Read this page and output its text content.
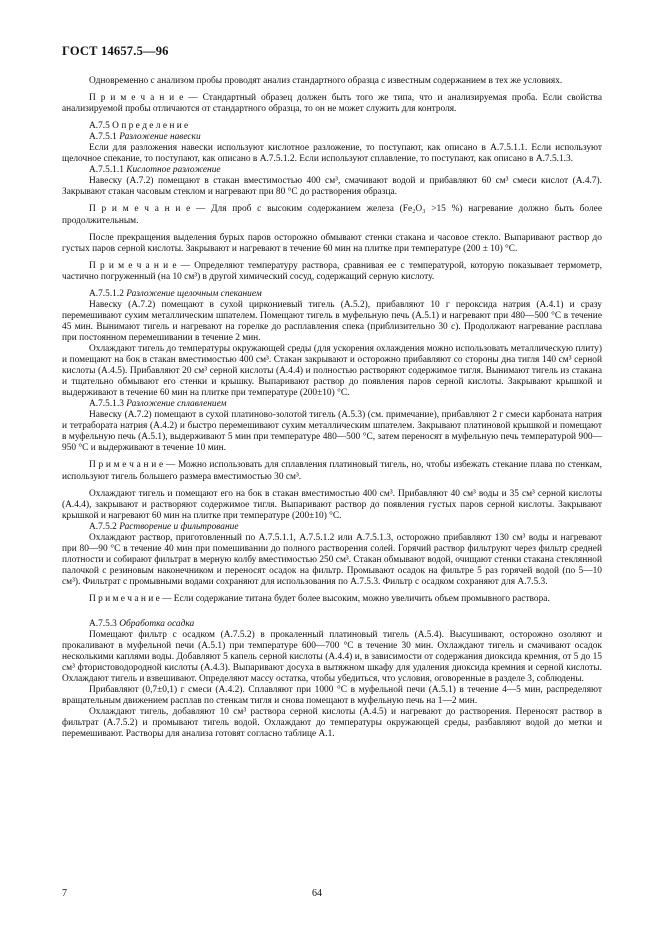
ГОСТ 14657.5—96

Одновременно с анализом пробы проводят анализ стандартного образца с известным содержанием в тех же условиях.

П р и м е ч а н и е — Стандартный образец должен быть того же типа, что и анализируемая проба. Если свойства анализируемой пробы отличаются от стандартного образца, то он не может служить для контроля.

А.7.5 О п р е д е л е н и е

А.7.5.1 Разложение навески

Если для разложения навески используют кислотное разложение, то поступают, как описано в А.7.5.1.1. Если используют щелочное спекание, то поступают, как описано в А.7.5.1.2. Если используют сплавление, то поступают, как описано в А.7.5.1.3.

А.7.5.1.1 Кислотное разложение

Навеску (А.7.2) помещают в стакан вместимостью 400 см³, смачивают водой и прибавляют 60 см³ смеси кислот (А.4.7). Закрывают стакан часовым стеклом и нагревают при 80 °С до растворения образца.

П р и м е ч а н и е — Для проб с высоким содержанием железа (Fe₂O₃ >15 %) нагревание должно быть более продолжительным.

После прекращения выделения бурых паров осторожно обмывают стенки стакана и часовое стекло. Выпаривают раствор до густых паров серной кислоты. Закрывают и нагревают в течение 60 мин на плитке при температуре (200 ± 10) °С.

П р и м е ч а н и е — Определяют температуру раствора, сравнивая ее с температурой, которую показывает термометр, частично погруженный (на 10 см³) в другой химический сосуд, содержащий серную кислоту.

А.7.5.1.2 Разложение щелочным спеканием

Навеску (А.7.2) помещают в сухой циркониевый тигель (А.5.2), прибавляют 10 г пероксида натрия (А.4.1) и сразу перемешивают сухим металлическим шпателем. Помещают тигель в муфельную печь (А.5.1) и нагревают при 480—500 °С в течение 45 мин. Вынимают тигель и нагревают на горелке до расплавления спека (приблизительно 30 с). Продолжают нагревание расплава при постоянном перемешивании в течение 2 мин.

Охлаждают тигель до температуры окружающей среды (для ускорения охлаждения можно использовать металлическую плиту) и помещают на бок в стакан вместимостью 400 см³. Стакан закрывают и осторожно прибавляют со стороны дна тигля 140 см³ серной кислоты (А.4.5). Прибавляют 20 см³ серной кислоты (А.4.4) и полностью растворяют содержимое тигля. Вынимают тигель из стакана и тщательно обмывают его стенки и крышку. Выпаривают раствор до появления паров серной кислоты. Закрывают крышкой и выдерживают в течение 60 мин на плитке при температуре (200±10) °С.

А.7.5.1.3 Разложение сплавлением

Навеску (А.7.2) помещают в сухой платиново-золотой тигель (А.5.3) (см. примечание), прибавляют 2 г смеси карбоната натрия и тетрабората натрия (А.4.2) и быстро перемешивают сухим металлическим шпателем. Закрывают платиновой крышкой и помещают в муфельную печь (А.5.1), выдерживают 5 мин при температуре 480—500 °С, затем переносят в муфельную печь температурой 900—950 °С и выдерживают в течение 10 мин.

П р и м е ч а н и е — Можно использовать для сплавления платиновый тигель, но, чтобы избежать стекание плава по стенкам, используют тигель большего размера вместимостью 30 см³.

Охлаждают тигель и помещают его на бок в стакан вместимостью 400 см³. Прибавляют 40 см³ воды и 35 см³ серной кислоты (А.4.4), закрывают и растворяют содержимое тигля. Выпаривают раствор до появления густых паров серной кислоты. Закрывают крышкой и нагревают 60 мин на плитке при температуре (200±10) °С.

А.7.5.2 Растворение и фильтрование

Охлаждают раствор, приготовленный по А.7.5.1.1, А.7.5.1.2 или А.7.5.1.3, осторожно прибавляют 130 см³ воды и нагревают при 80—90 °С в течение 40 мин при помешивании до полного растворения солей. Горячий раствор фильтруют через фильтр средней плотности и собирают фильтрат в мерную колбу вместимостью 250 см³. Стакан обмывают водой, очищают стенки стакана стеклянной палочкой с резиновым наконечником и переносят осадок на фильтр. Промывают осадок на фильтре 5 раз горячей водой (по 5—10 см³). Фильтрат с промывными водами сохраняют для использования по А.7.5.3. Фильтр с осадком сохраняют для А.7.5.3.

П р и м е ч а н и е — Если содержание титана будет более высоким, можно увеличить объем промывного раствора.

А.7.5.3 Обработка осадка

Помещают фильтр с осадком (А.7.5.2) в прокаленный платиновый тигель (А.5.4). Высушивают, осторожно озоляют и прокаливают в муфельной печи (А.5.1) при температуре 600—700 °С в течение 30 мин. Охлаждают тигель и смачивают осадок несколькими каплями воды. Добавляют 5 капель серной кислоты (А.4.4) и, в зависимости от содержания диоксида кремния, от 5 до 15 см³ фтористоводородной кислоты (А.4.3). Выпаривают досуха в вытяжном шкафу для удаления диоксида кремния и серной кислоты. Охлаждают тигель и взвешивают. Определяют массу остатка, чтобы убедиться, что условия, оговоренные в разделе 3, соблюдены.

Прибавляют (0,7±0,1) г смеси (А.4.2). Сплавляют при 1000 °С в муфельной печи (А.5.1) в течение 4—5 мин, распределяют вращательным движением расплав по стенкам тигля и снова помещают в муфельную печь на 1—2 мин.

Охлаждают тигель, добавляют 10 см³ раствора серной кислоты (А.4.5) и нагревают до растворения. Переносят раствор в фильтрат (А.7.5.2) и промывают тигель водой. Охлаждают до температуры окружающей среды, разбавляют водой до метки и перемешивают. Растворы для анализа готовят согласно таблице А.1.

7	64
